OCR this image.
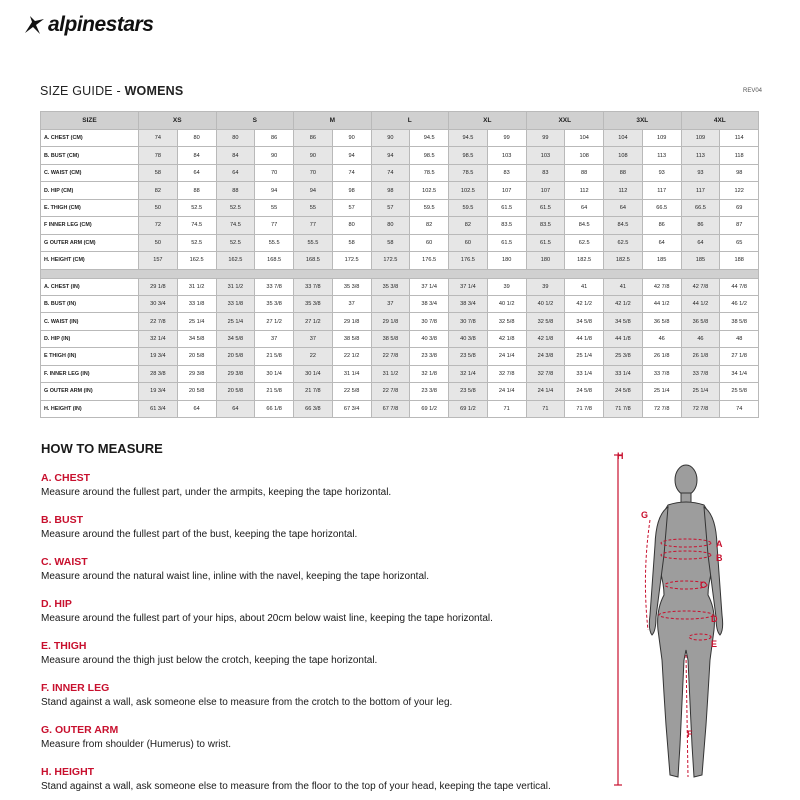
alpinestars
SIZE GUIDE - WOMENS	REV04
SIZE	XS		S		M		L		XL		XXL		3XL		4XL	
A. CHEST (CM)	74	80	80	86	86	90	90	94.5	94.5	99	99	104	104	109	109	114
B. BUST (CM)	78	84	84	90	90	94	94	98.5	98.5	103	103	108	108	113	113	118
C. WAIST (CM)	58	64	64	70	70	74	74	78.5	78.5	83	83	88	88	93	93	98
D. HIP (CM)	82	88	88	94	94	98	98	102.5	102.5	107	107	112	112	117	117	122
E. THIGH (CM)	50	52.5	52.5	55	55	57	57	59.5	59.5	61.5	61.5	64	64	66.5	66.5	69
F INNER LEG (CM)	72	74.5	74.5	77	77	80	80	82	82	83.5	83.5	84.5	84.5	86	86	87
G OUTER ARM (CM)	50	52.5	52.5	55.5	55.5	58	58	60	60	61.5	61.5	62.5	62.5	64	64	65
H. HEIGHT (CM)	157	162.5	162.5	168.5	168.5	172.5	172.5	176.5	176.5	180	180	182.5	182.5	185	185	188

A. CHEST (IN)	29 1/8	31 1/2	31 1/2	33 7/8	33 7/8	35 3/8	35 3/8	37 1/4	37 1/4	39	39	41	41	42 7/8	42 7/8	44 7/8
B. BUST (IN)	30 3/4	33 1/8	33 1/8	35 3/8	35 3/8	37	37	38 3/4	38 3/4	40 1/2	40 1/2	42 1/2	42 1/2	44 1/2	44 1/2	46 1/2
C. WAIST (IN)	22 7/8	25 1/4	25 1/4	27 1/2	27 1/2	29 1/8	29 1/8	30 7/8	30 7/8	32 5/8	32 5/8	34 5/8	34 5/8	36 5/8	36 5/8	38 5/8
D. HIP (IN)	32 1/4	34 5/8	34 5/8	37	37	38 5/8	38 5/8	40 3/8	40 3/8	42 1/8	42 1/8	44 1/8	44 1/8	46	46	48
E THIGH (IN)	19 3/4	20 5/8	20 5/8	21 5/8	22	22 1/2	22 7/8	23 3/8	23 5/8	24 1/4	24 3/8	25 1/4	25 3/8	26 1/8	26 1/8	27 1/8
F. INNER LEG (IN)	28 3/8	29 3/8	29 3/8	30 1/4	30 1/4	31 1/4	31 1/2	32 1/8	32 1/4	32 7/8	32 7/8	33 1/4	33 1/4	33 7/8	33 7/8	34 1/4
G OUTER ARM (IN)	19 3/4	20 5/8	20 5/8	21 5/8	21 7/8	22 5/8	22 7/8	23 3/8	23 5/8	24 1/4	24 1/4	24 5/8	24 5/8	25 1/4	25 1/4	25 5/8
H. HEIGHT (IN)	61 3/4	64	64	66 1/8	66 3/8	67 3/4	67 7/8	69 1/2	69 1/2	71	71	71 7/8	71 7/8	72 7/8	72 7/8	74
HOW TO MEASURE
A. CHEST
Measure around the fullest part, under the armpits, keeping the tape horizontal.
B. BUST
Measure around the fullest part of the bust, keeping the tape horizontal.
C. WAIST
Measure around the natural waist line, inline with the navel, keeping the tape horizontal.
D. HIP
Measure around the fullest part of your hips, about 20cm below waist line, keeping the tape horizontal.
E. THIGH
Measure around the thigh just below the crotch, keeping the tape horizontal.
F. INNER LEG
Stand against a wall, ask someone else to measure from the crotch to the bottom of your leg.
G. OUTER ARM
Measure from shoulder (Humerus) to wrist.
H. HEIGHT
Stand against a wall, ask someone else to measure from the floor to the top of your head, keeping the tape vertical.
H
A
B
C
D
E
F
G
